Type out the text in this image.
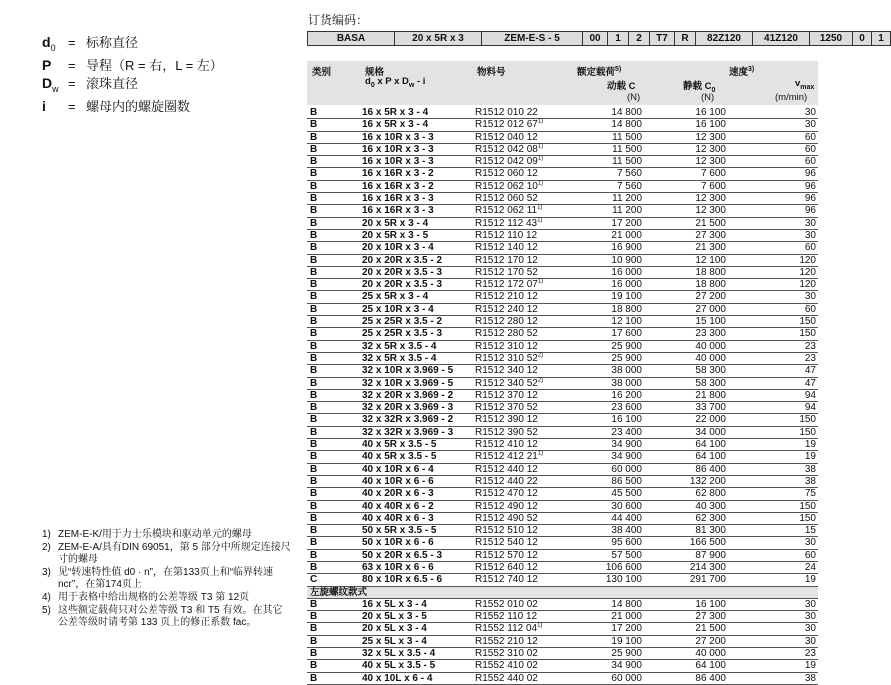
$d_0$ = 标称直径
P	= 导程（R = 右，L = 左）
$D_w$ = 滚珠直径
i	= 螺母内的螺旋圈数
1) ZEM-E-K/用于力士乐模块和驱动单元的螺母
2) ZEM-E-A/具有DIN 69051，第 5 部分中所规定连接尺寸的螺母
3) 见“转速特性值 d0 · n”，在第133页上和“临界转速 ncr”，在第174页上
4) 用于表格中给出规格的公差等级 T3 第 12页
5) 这些额定载荷只对公差等级 T3 和 T5 有效。在其它公差等级时请考第 133 页上的修正系数 fac。
订货编码：
BASA	20 x 5R x 3	ZEM-E-S - 5	00	1	2	T7	R	82Z120	41Z120	1250	0	1
类别	规格
$d_0$ x P x $D_w$ - i
物料号	额定载荷$^{5)}$
动载 C	静载 $C_0$
(N)	(N)
速度$^{3)}$
$v_{max}$
(m/min)
B	16 x 5R x 3 - 4	R1512 010 22	14 800	16 100	30
B	16 x 5R x 3 - 4	R1512 012 67$^{1)}$	14 800	16 100	30
B	16 x 10R x 3 - 3	R1512 040 12	11 500	12 300	60
B	16 x 10R x 3 - 3	R1512 042 08$^{1)}$	11 500	12 300	60
B	16 x 10R x 3 - 3	R1512 042 09$^{1)}$	11 500	12 300	60
B	16 x 16R x 3 - 2	R1512 060 12	7 560	7 600	96
B	16 x 16R x 3 - 2	R1512 062 10$^{1)}$	7 560	7 600	96
B	16 x 16R x 3 - 3	R1512 060 52	11 200	12 300	96
B	16 x 16R x 3 - 3	R1512 062 11$^{1)}$	11 200	12 300	96
B	20 x 5R x 3 - 4	R1512 112 43$^{1)}$	17 200	21 500	30
B	20 x 5R x 3 - 5	R1512 110 12	21 000	27 300	30
B	20 x 10R x 3 - 4	R1512 140 12	16 900	21 300	60
B	20 x 20R x 3.5 - 2	R1512 170 12	10 900	12 100	120
B	20 x 20R x 3.5 - 3	R1512 170 52	16 000	18 800	120
B	20 x 20R x 3.5 - 3	R1512 172 07$^{1)}$	16 000	18 800	120
B	25 x 5R x 3 - 4	R1512 210 12	19 100	27 200	30
B	25 x 10R x 3 - 4	R1512 240 12	18 800	27 000	60
B	25 x 25R x 3.5 - 2	R1512 280 12	12 100	15 100	150
B	25 x 25R x 3.5 - 3	R1512 280 52	17 600	23 300	150
B	32 x 5R x 3.5 - 4	R1512 310 12	25 900	40 000	23
B	32 x 5R x 3.5 - 4	R1512 310 52$^{2)}$	25 900	40 000	23
B	32 x 10R x 3.969 - 5	R1512 340 12	38 000	58 300	47
B	32 x 10R x 3.969 - 5	R1512 340 52$^{2)}$	38 000	58 300	47
B	32 x 20R x 3.969 - 2	R1512 370 12	16 200	21 800	94
B	32 x 20R x 3.969 - 3	R1512 370 52	23 600	33 700	94
B	32 x 32R x 3.969 - 2	R1512 390 12	16 100	22 000	150
B	32 x 32R x 3.969 - 3	R1512 390 52	23 400	34 000	150
B	40 x 5R x 3.5 - 5	R1512 410 12	34 900	64 100	19
B	40 x 5R x 3.5 - 5	R1512 412 21$^{1)}$	34 900	64 100	19
B	40 x 10R x 6 - 4	R1512 440 12	60 000	86 400	38
B	40 x 10R x 6 - 6	R1512 440 22	86 500	132 200	38
B	40 x 20R x 6 - 3	R1512 470 12	45 500	62 800	75
B	40 x 40R x 6 - 2	R1512 490 12	30 600	40 300	150
B	40 x 40R x 6 - 3	R1512 490 52	44 400	62 300	150
B	50 x 5R x 3.5 - 5	R1512 510 12	38 400	81 300	15
B	50 x 10R x 6 - 6	R1512 540 12	95 600	166 500	30
B	50 x 20R x 6.5 - 3	R1512 570 12	57 500	87 900	60
B	63 x 10R x 6 - 6	R1512 640 12	106 600	214 300	24
C	80 x 10R x 6.5 - 6	R1512 740 12	130 100	291 700	19
左旋螺纹款式
B	16 x 5L x 3 - 4	R1552 010 02	14 800	16 100	30
B	20 x 5L x 3 - 5	R1552 110 12	21 000	27 300	30
B	20 x 5L x 3 - 4	R1552 112 04$^{1)}$	17 200	21 500	30
B	25 x 5L x 3 - 4	R1552 210 12	19 100	27 200	30
B	32 x 5L x 3.5 - 4	R1552 310 02	25 900	40 000	23
B	40 x 5L x 3.5 - 5	R1552 410 02	34 900	64 100	19
B	40 x 10L x 6 - 4	R1552 440 02	60 000	86 400	38
